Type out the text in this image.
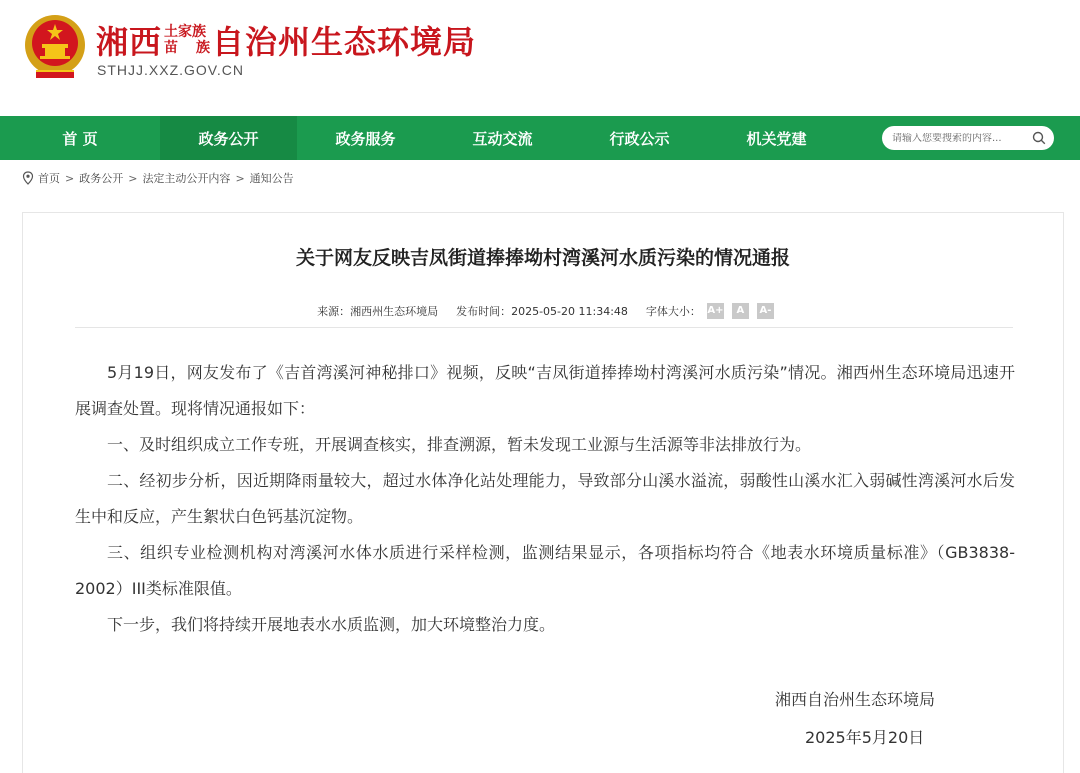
湘西 土家族
苗 族 自治州生态环境局
STHJJ.XXZ.GOV.CN
首 页	政务公开	政务服务	互动交流	行政公示	机关党建
请输入您要搜索的内容...
首页 > 政务公开 > 法定主动公开内容 > 通知公告
关于网友反映吉凤街道捧捧坳村湾溪河水质污染的情况通报
来源：湘西州生态环境局 发布时间：2025-05-20 11:34:48 字体大小： A+	A	A-

5月19日，网友发布了《吉首湾溪河神秘排口》视频，反映“吉凤街道捧捧坳村湾溪河水质污染”情况。湘西州生态环境局迅速开展调查处置。现将情况通报如下：

一、及时组织成立工作专班，开展调查核实，排查溯源，暂未发现工业源与生活源等非法排放行为。

二、经初步分析，因近期降雨量较大，超过水体净化站处理能力，导致部分山溪水溢流，弱酸性山溪水汇入弱碱性湾溪河水后发生中和反应，产生絮状白色钙基沉淀物。

三、组织专业检测机构对湾溪河水体水质进行采样检测，监测结果显示，各项指标均符合《地表水环境质量标准》（GB3838-2002）III类标准限值。

下一步，我们将持续开展地表水水质监测，加大环境整治力度。

湘西自治州生态环境局
2025年5月20日
